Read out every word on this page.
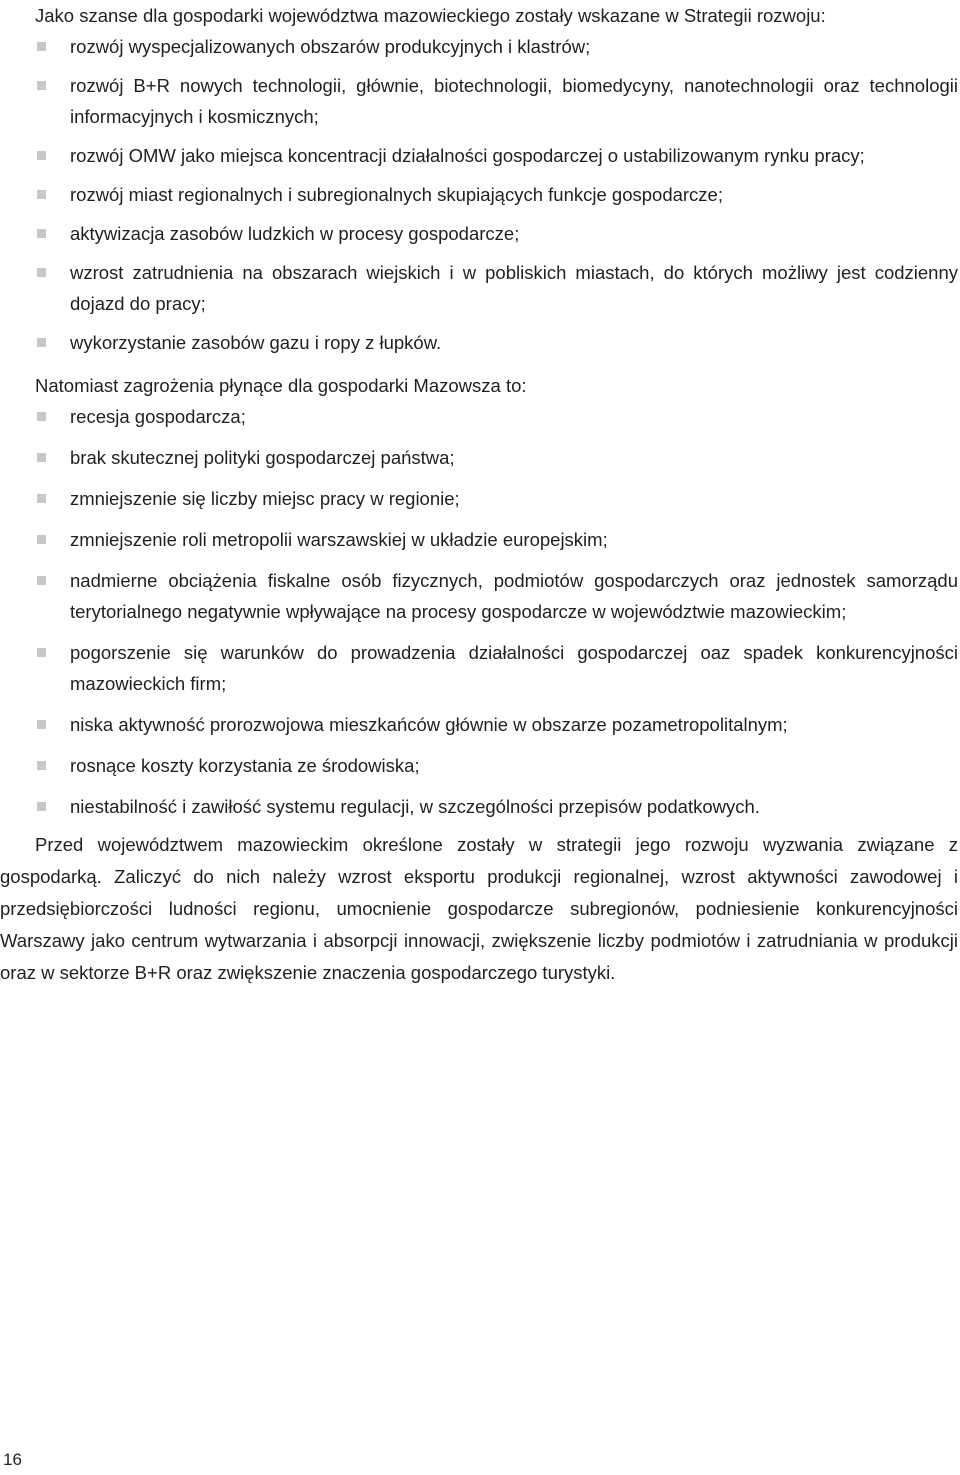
Jako szanse dla gospodarki województwa mazowieckiego zostały wskazane w Strategii rozwoju:

rozwój wyspecjalizowanych obszarów produkcyjnych i klastrów;
rozwój B+R nowych technologii, głównie, biotechnologii, biomedycyny, nanotechnologii oraz technologii informacyjnych i kosmicznych;
rozwój OMW jako miejsca koncentracji działalności gospodarczej o ustabilizowanym rynku pracy;
rozwój miast regionalnych i subregionalnych skupiających funkcje gospodarcze;
aktywizacja zasobów ludzkich w procesy gospodarcze;
wzrost zatrudnienia na obszarach wiejskich i w pobliskich miastach, do których możliwy jest codzienny dojazd do pracy;
wykorzystanie zasobów gazu i ropy z łupków.

Natomiast zagrożenia płynące dla gospodarki Mazowsza to:

recesja gospodarcza;
brak skutecznej polityki gospodarczej państwa;
zmniejszenie się liczby miejsc pracy w regionie;
zmniejszenie roli metropolii warszawskiej w układzie europejskim;
nadmierne obciążenia fiskalne osób fizycznych, podmiotów gospodarczych oraz jednostek samorządu terytorialnego negatywnie wpływające na procesy gospodarcze w województwie mazowieckim;
pogorszenie się warunków do prowadzenia działalności gospodarczej oaz spadek konkurencyjności mazowieckich firm;
niska aktywność prorozwojowa mieszkańców głównie w obszarze pozametropolitalnym;
rosnące koszty korzystania ze środowiska;
niestabilność i zawiłość systemu regulacji, w szczególności przepisów podatkowych.

Przed województwem mazowieckim określone zostały w strategii jego rozwoju wyzwania związane z gospodarką. Zaliczyć do nich należy wzrost eksportu produkcji regionalnej, wzrost aktywności zawodowej i przedsiębiorczości ludności regionu, umocnienie gospodarcze subregionów, podniesienie konkurencyjności Warszawy jako centrum wytwarzania i absorpcji innowacji, zwiększenie liczby podmiotów i zatrudniania w produkcji oraz w sektorze B+R oraz zwiększenie znaczenia gospodarczego turystyki.

16
